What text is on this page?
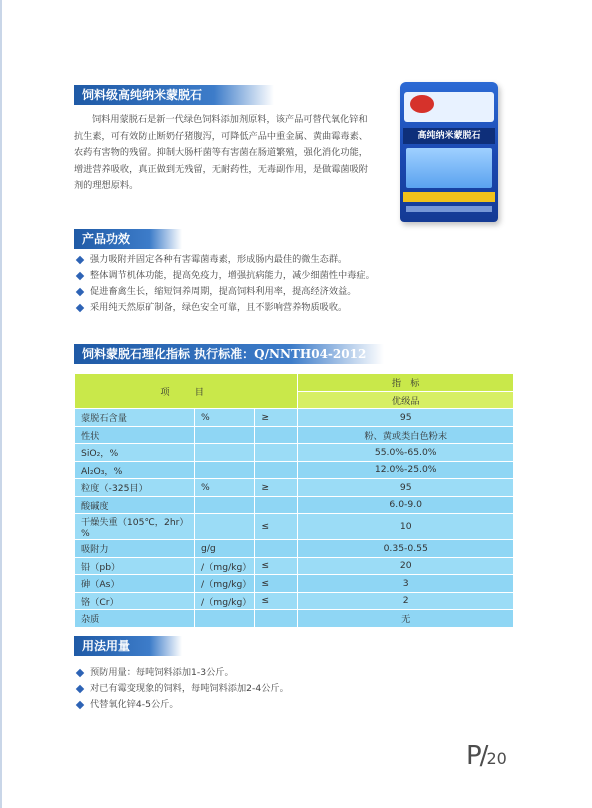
饲料级高纯纳米蒙脱石

饲料用蒙脱石是新一代绿色饲料添加剂原料，该产品可替代氧化锌和抗生素，可有效防止断奶仔猪腹泻，可降低产品中重金属、黄曲霉毒素、农药有害物的残留。抑制大肠杆菌等有害菌在肠道繁殖，强化消化功能，增进营养吸收，真正做到无残留，无耐药性，无毒副作用，是做霉菌吸附剂的理想原料。

高纯纳米蒙脱石
产品功效
强力吸附并固定各种有害霉菌毒素，形成肠内最佳的微生态群。
整体调节机体功能，提高免疫力，增强抗病能力，减少细菌性中毒症。
促进畜禽生长，缩短饲养周期，提高饲料利用率，提高经济效益。
采用纯天然原矿制备，绿色安全可靠，且不影响营养物质吸收。
饲料蒙脱石理化指标 执行标准：Q/NNTH04-2012
项　目			指　标
			优级品
蒙脱石含量	%	≥	95
性状			粉、黄或类白色粉末
SiO₂，%			55.0%-65.0%
Al₂O₃，%			12.0%-25.0%
粒度（-325目）	%	≥	95
酸碱度			6.0-9.0
干燥失重（105℃，2hr）%		≤	10
吸附力	g/g		0.35-0.55
铅（pb）	/（mg/kg）	≤	20
砷（As）	/（mg/kg）	≤	3
铬（Cr）	/（mg/kg）	≤	2
杂质			无
用法用量
预防用量：每吨饲料添加1-3公斤。
对已有霉变现象的饲料，每吨饲料添加2-4公斤。
代替氧化锌4-5公斤。
P/20
